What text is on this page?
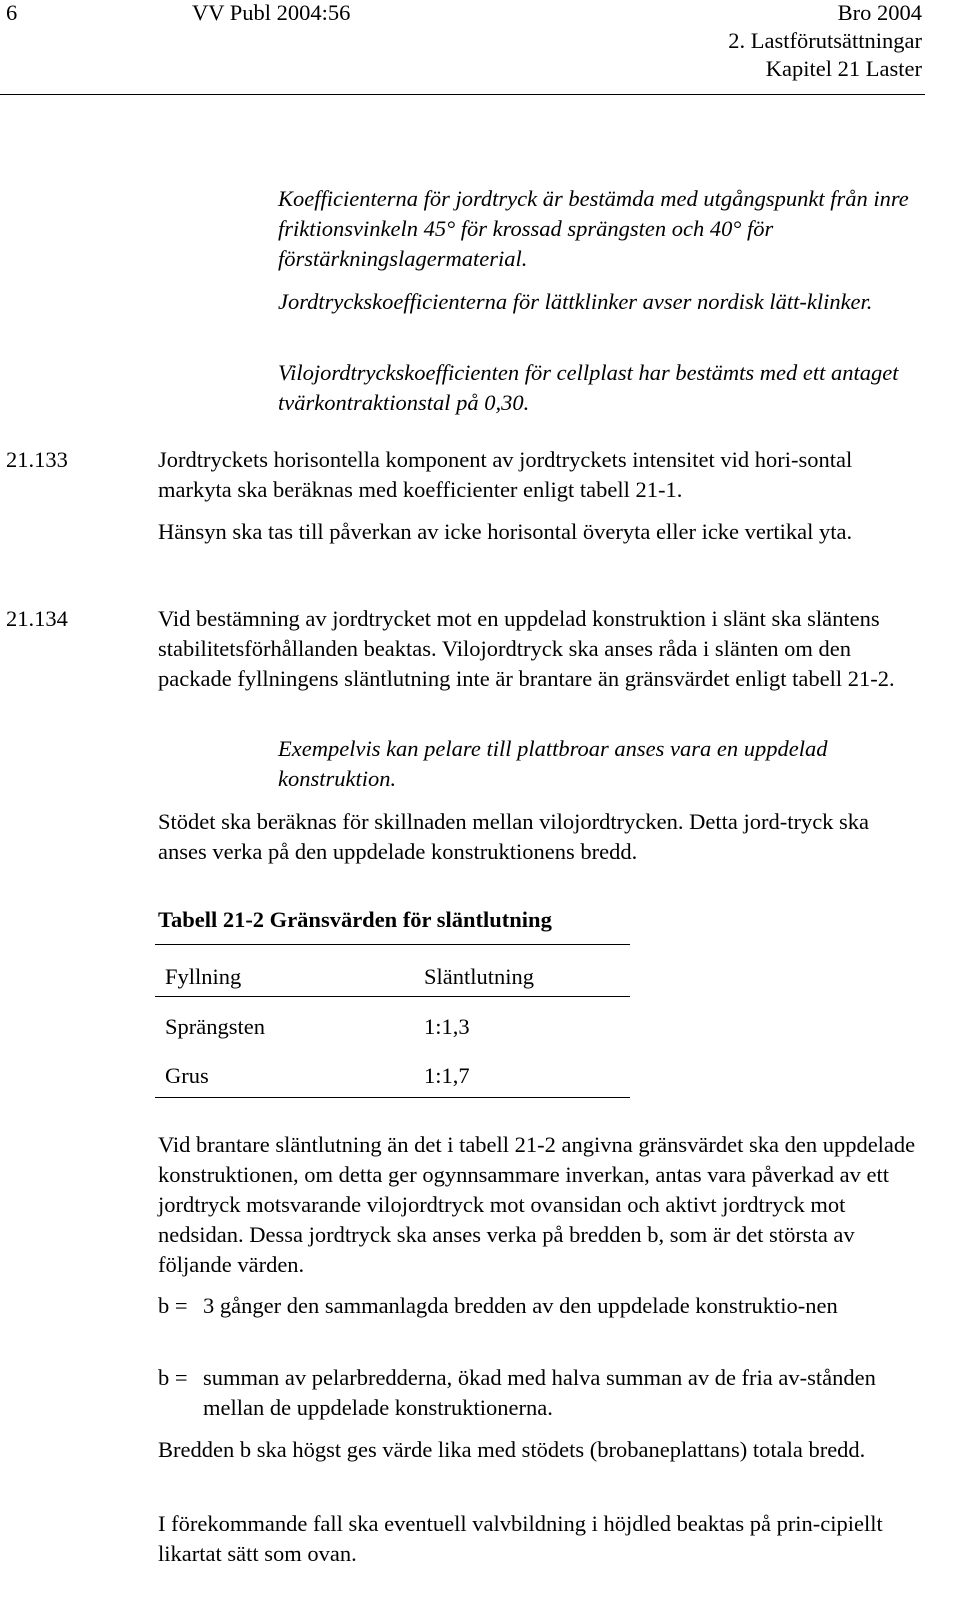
6	VV Publ 2004:56	Bro 2004
2. Lastförutsättningar
Kapitel 21 Laster
Koefficienterna för jordtryck är bestämda med utgångspunkt från inre friktionsvinkeln 45° för krossad sprängsten och 40° för förstärkningslagermaterial.
Jordtryckskoefficienterna för lättklinker avser nordisk lätt-klinker.
Vilojordtryckskoefficienten för cellplast har bestämts med ett antaget tvärkontraktionstal på 0,30.
21.133	Jordtryckets horisontella komponent av jordtryckets intensitet vid hori-sontal markyta ska beräknas med koefficienter enligt tabell 21-1.
Hänsyn ska tas till påverkan av icke horisontal överyta eller icke vertikal yta.
21.134	Vid bestämning av jordtrycket mot en uppdelad konstruktion i slänt ska släntens stabilitetsförhållanden beaktas. Vilojordtryck ska anses råda i slänten om den packade fyllningens släntlutning inte är brantare än gränsvärdet enligt tabell 21-2.
Exempelvis kan pelare till plattbroar anses vara en uppdelad konstruktion.
Stödet ska beräknas för skillnaden mellan vilojordtrycken. Detta jord-tryck ska anses verka på den uppdelade konstruktionens bredd.
Tabell 21-2 Gränsvärden för släntlutning
Fyllning	Släntlutning
Sprängsten	1:1,3
Grus	1:1,7
Vid brantare släntlutning än det i tabell 21-2 angivna gränsvärdet ska den uppdelade konstruktionen, om detta ger ogynnsammare inverkan, antas vara påverkad av ett jordtryck motsvarande vilojordtryck mot ovansidan och aktivt jordtryck mot nedsidan. Dessa jordtryck ska anses verka på bredden b, som är det största av följande värden.
b = 3 gånger den sammanlagda bredden av den uppdelade konstruktio-nen
b = summan av pelarbredderna, ökad med halva summan av de fria av-stånden mellan de uppdelade konstruktionerna.
Bredden b ska högst ges värde lika med stödets (brobaneplattans) totala bredd.
I förekommande fall ska eventuell valvbildning i höjdled beaktas på prin-cipiellt likartat sätt som ovan.
